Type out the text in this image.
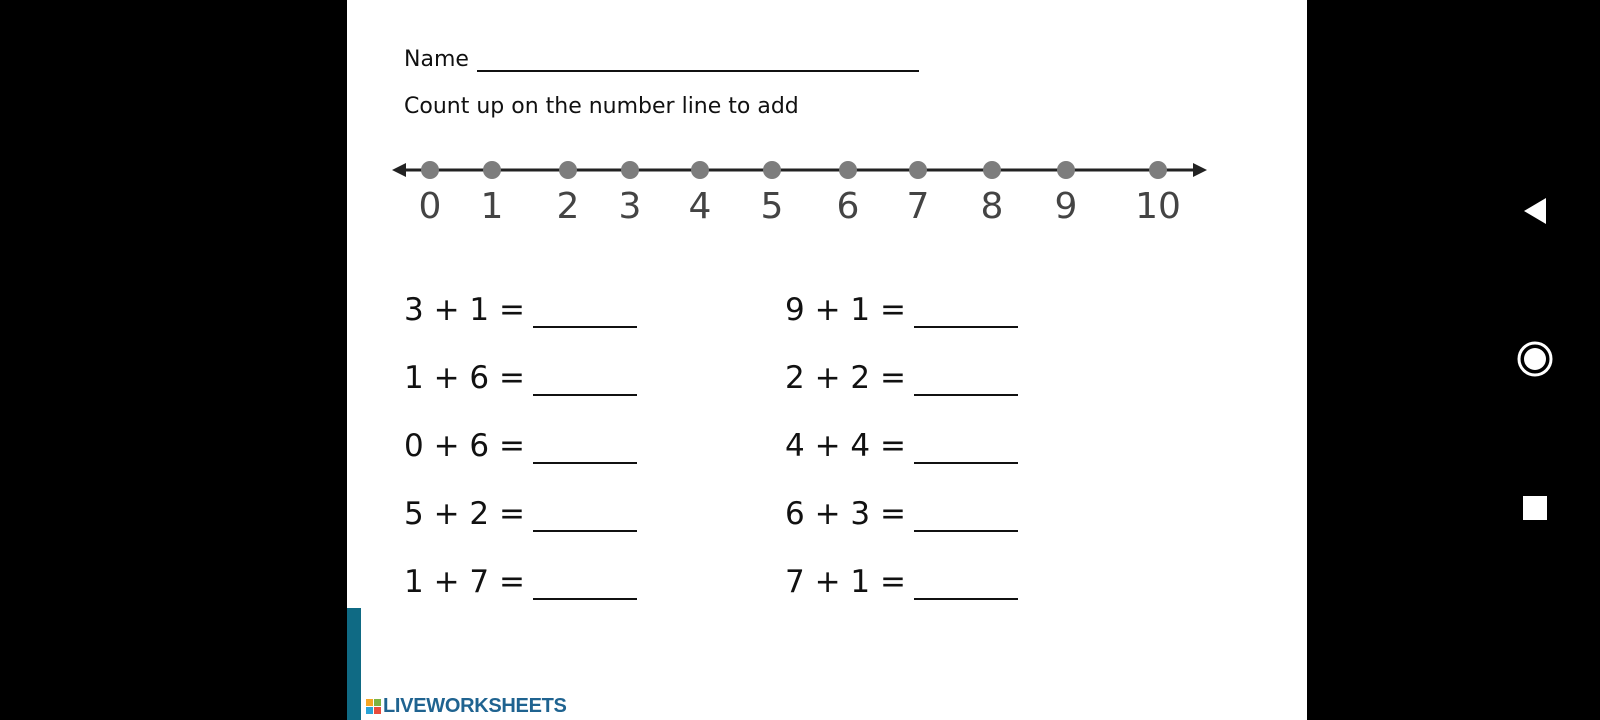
Name
Count up on the number line to add
0 1 2 3 4 5 6 7 8 9 10
3 + 1 =
1 + 6 =
0 + 6 =
5 + 2 =
1 + 7 =
9 + 1 =
2 + 2 =
4 + 4 =
6 + 3 =
7 + 1 =
LIVEWORKSHEETS
